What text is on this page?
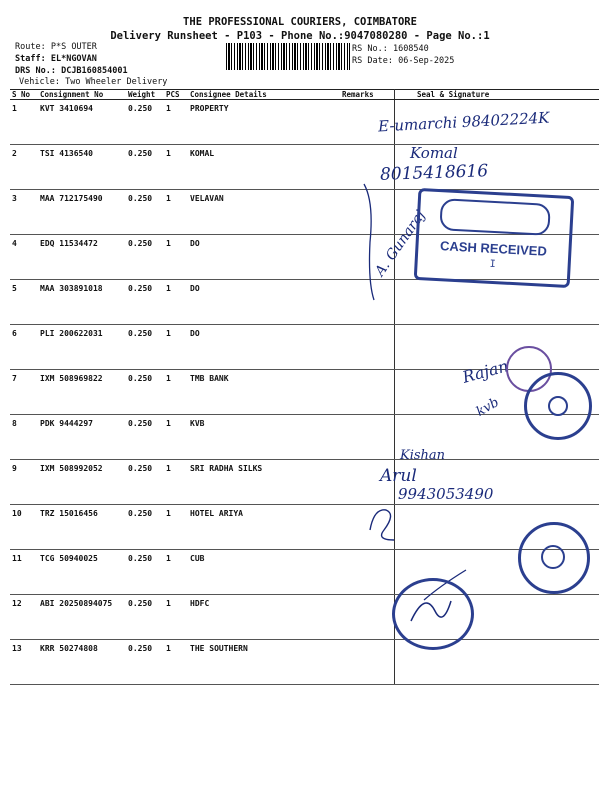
THE PROFESSIONAL COURIERS, COIMBATORE
Delivery Runsheet - P103 - Phone No.:9047080280 - Page No.:1
Route: P*S OUTER
Staff: EL*NGOVAN
DRS No.: DCJB160854001
Vehicle: Two Wheeler Delivery
RS No.: 1608540
RS Date: 06-Sep-2025
S No	Consignment No	Weight	PCS	Consignee Details	Remarks	Seal & Signature
1	KVT 3410694	0.250	1	PROPERTY		
2	TSI 4136540	0.250	1	KOMAL		
3	MAA 712175490	0.250	1	VELAVAN		
4	EDQ 11534472	0.250	1	DO		
5	MAA 303891018	0.250	1	DO		
6	PLI 200622031	0.250	1	DO		
7	IXM 508969822	0.250	1	TMB BANK		
8	PDK 9444297	0.250	1	KVB		
9	IXM 508992052	0.250	1	SRI RADHA SILKS		
10	TRZ 15016456	0.250	1	HOTEL ARIYA		
11	TCG 50940025	0.250	1	CUB		
12	ABI 20250894075	0.250	1	HDFC		
13	KRR 50274808	0.250	1	THE SOUTHERN		
E-umarchi 98402224K
Komal
8015418616
A. Gunaraj CASH RECEIVED
I
Rajan
kvb
Kishan
Arul
9943053490
